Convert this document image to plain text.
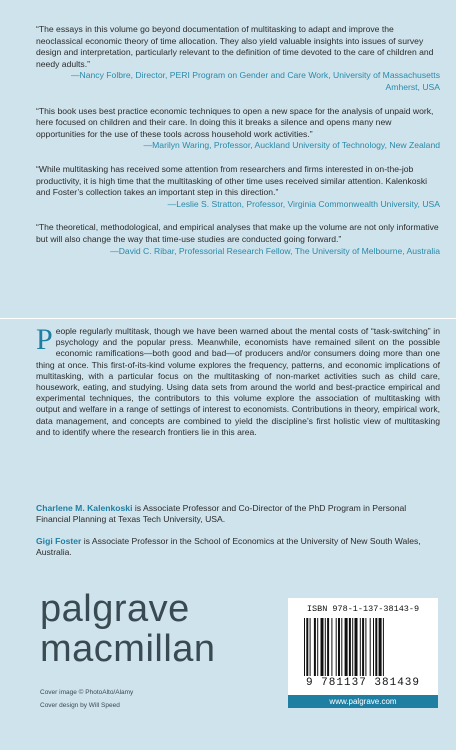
“The essays in this volume go beyond documentation of multitasking to adapt and improve the neoclassical economic theory of time allocation. They also yield valuable insights into issues of survey design and interpretation, particularly relevant to the definition of time devoted to the care of children and needy adults.”
—Nancy Folbre, Director, PERI Program on Gender and Care Work, University of Massachusetts Amherst, USA

“This book uses best practice economic techniques to open a new space for the analysis of unpaid work, here focused on children and their care. In doing this it breaks a silence and opens many new opportunities for the use of these tools across household work activities.”
—Marilyn Waring, Professor, Auckland University of Technology, New Zealand

“While multitasking has received some attention from researchers and firms interested in on-the-job productivity, it is high time that the multitasking of other time uses received similar attention. Kalenkoski and Foster’s collection takes an important step in this direction.”
—Leslie S. Stratton, Professor, Virginia Commonwealth University, USA

“The theoretical, methodological, and empirical analyses that make up the volume are not only informative but will also change the way that time-use studies are conducted going forward.”
—David C. Ribar, Professorial Research Fellow, The University of Melbourne, Australia

People regularly multitask, though we have been warned about the mental costs of “task-switching” in psychology and the popular press. Meanwhile, economists have remained silent on the possible economic ramifications—both good and bad—of producers and/or consumers doing more than one thing at once. This first-of-its-kind volume explores the frequency, patterns, and economic implications of multitasking, with a particular focus on the multitasking of non-market activities such as child care, housework, eating, and studying. Using data sets from around the world and best-practice empirical and experimental techniques, the contributors to this volume explore the association of multitasking with output and welfare in a range of settings of interest to economists. Contributions in theory, empirical work, data management, and concepts are combined to yield the discipline’s first holistic view of multitasking and to identify where the research frontiers lie in this area.
Charlene M. Kalenkoski is Associate Professor and Co-Director of the PhD Program in Personal Financial Planning at Texas Tech University, USA.
Gigi Foster is Associate Professor in the School of Economics at the University of New South Wales, Australia.
palgrave
macmillan
Cover image © PhotoAlto/Alamy
Cover design by Will Speed
ISBN 978-1-137-38143-9
9 781137 381439
www.palgrave.com
